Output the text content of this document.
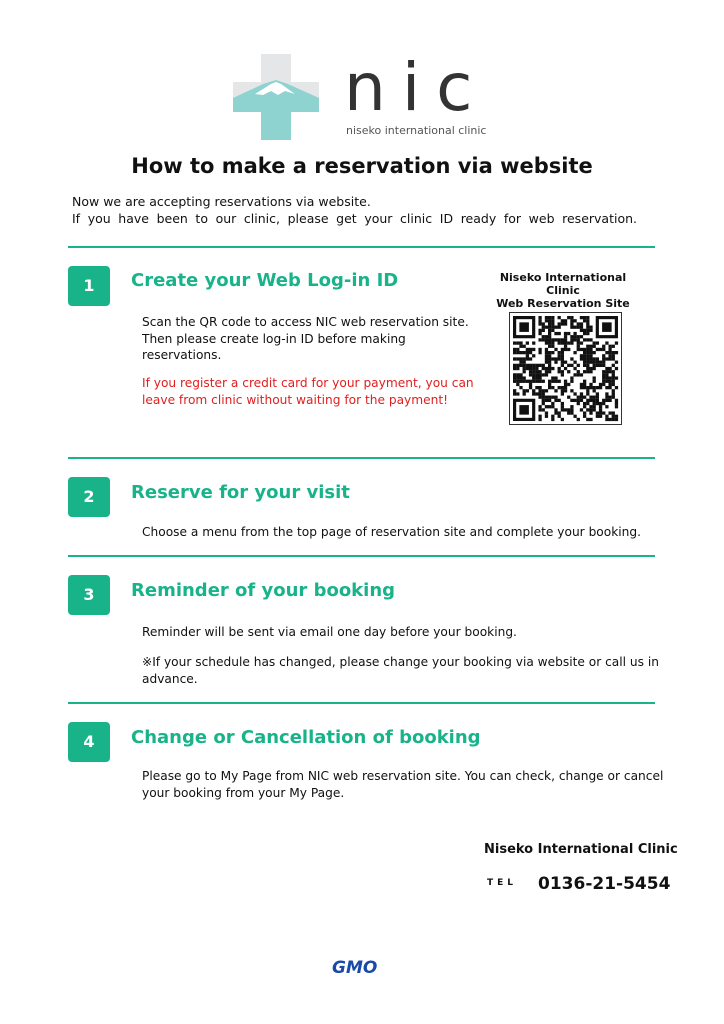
nic
niseko international clinic
How to make a reservation via website
Now we are accepting reservations via website.
If you have been to our clinic, please get your clinic ID ready for web reservation.
1	Create your Web Log-in ID
Scan the QR code to access NIC web reservation site.
Then please create log-in ID before making
reservations.
If you register a credit card for your payment, you can
leave from clinic without waiting for the payment!
Niseko International Clinic
Web Reservation Site
2	Reserve for your visit
Choose a menu from the top page of reservation site and complete your booking.
3	Reminder of your booking
Reminder will be sent via email one day before your booking.
※If your schedule has changed, please change your booking via website or call us in
advance.
4	Change or Cancellation of booking
Please go to My Page from NIC web reservation site. You can check, change or cancel
your booking from your My Page.
Niseko International Clinic
TEL 0136-21-5454
GMO
